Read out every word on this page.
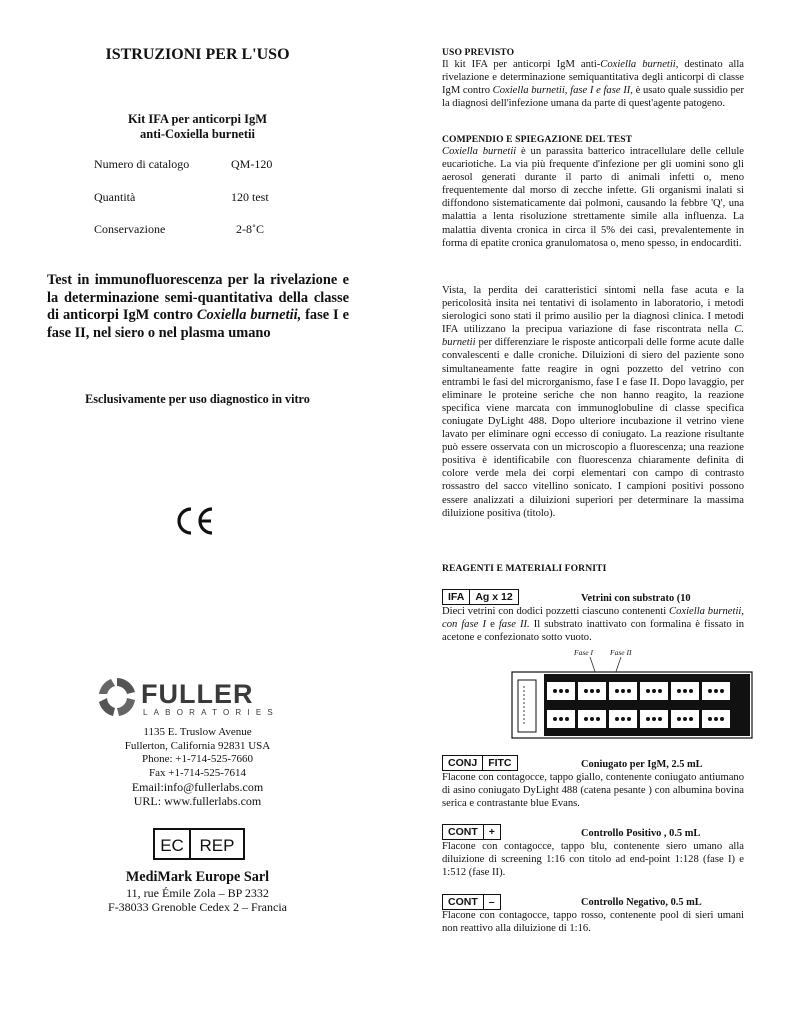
ISTRUZIONI PER L'USO
Kit IFA per anticorpi IgM
anti-Coxiella burnetii
Numero di catalogo	QM-120
Quantità	120 test
Conservazione	2-8˚C
Test in immunofluorescenza per la rivelazione e la determinazione semi-quantitativa della classe di anticorpi IgM contro Coxiella burnetii, fase I e fase II, nel siero o nel plasma umano
Esclusivamente per uso diagnostico in vitro
FULLER
LABORATORIES
1135 E. Truslow Avenue
Fullerton, California 92831 USA
Phone: +1-714-525-7660
Fax +1-714-525-7614
Email:info@fullerlabs.com
URL: www.fullerlabs.com
EC REP
MediMark Europe Sarl
11, rue Émile Zola – BP 2332
F-38033 Grenoble Cedex 2 – Francia
USO PREVISTO

Il kit IFA per anticorpi IgM anti-Coxiella burnetii, destinato alla rivelazione e determinazione semiquantitativa degli anticorpi di classe IgM contro Coxiella burnetii, fase I e fase II, è usato quale sussidio per la diagnosi dell'infezione umana da parte di quest'agente patogeno.

COMPENDIO E SPIEGAZIONE DEL TEST

Coxiella burnetii è un parassita batterico intracellulare delle cellule eucariotiche. La via più frequente d'infezione per gli uomini sono gli aerosol generati durante il parto di animali infetti o, meno frequentemente dal morso di zecche infette. Gli organismi inalati si diffondono sistematicamente dai polmoni, causando la febbre 'Q', una malattia a lenta risoluzione strettamente simile alla influenza. La malattia diventa cronica in circa il 5% dei casi, prevalentemente in forma di epatite cronica granulomatosa o, meno spesso, in endocarditi.

Vista, la perdita dei caratteristici sintomi nella fase acuta e la pericolosità insita nei tentativi di isolamento in laboratorio, i metodi sierologici sono stati il primo ausilio per la diagnosi clinica. I metodi IFA utilizzano la precipua variazione di fase riscontrata nella C. burnetii per differenziare le risposte anticorpali delle forme acute dalle convalescenti e dalle croniche. Diluizioni di siero del paziente sono simultaneamente fatte reagire in ogni pozzetto del vetrino con entrambi le fasi del microrganismo, fase I e fase II. Dopo lavaggio, per eliminare le proteine seriche che non hanno reagito, la reazione specifica viene marcata con immunoglobuline di classe specifica coniugate DyLight 488. Dopo ulteriore incubazione il vetrino viene lavato per eliminare ogni eccesso di coniugato. La reazione risultante può essere osservata con un microscopio a fluorescenza; una reazione positiva è identificabile con fluorescenza chiaramente definita di colore verde mela dei corpi elementari con campo di contrasto rossastro del sacco vitellino sonicato. I campioni positivi possono essere analizzati a diluizioni superiori per determinare la massima diluizione positiva (titolo).

REAGENTI E MATERIALI FORNITI
IFA	Ag x 12	Vetrini con substrato (10

Dieci vetrini con dodici pozzetti ciascuno contenenti Coxiella burnetii, con fase I e fase II. Il substrato inattivato con formalina è fissato in acetone e confezionato sotto vuoto.

Fase I Fase II
CONJ	FITC	Coniugato per IgM, 2.5 mL

Flacone con contagocce, tappo giallo, contenente coniugato antiumano di asino coniugato DyLight 488 (catena pesante ) con albumina bovina serica e contrastante blue Evans.

CONT	+	Controllo Positivo , 0.5 mL

Flacone con contagocce, tappo blu, contenente siero umano alla diluizione di screening 1:16 con titolo ad end-point 1:128 (fase I) e 1:512 (fase II).

CONT	–	Controllo Negativo, 0.5 mL

Flacone con contagocce, tappo rosso, contenente pool di sieri umani non reattivo alla diluizione di 1:16.
